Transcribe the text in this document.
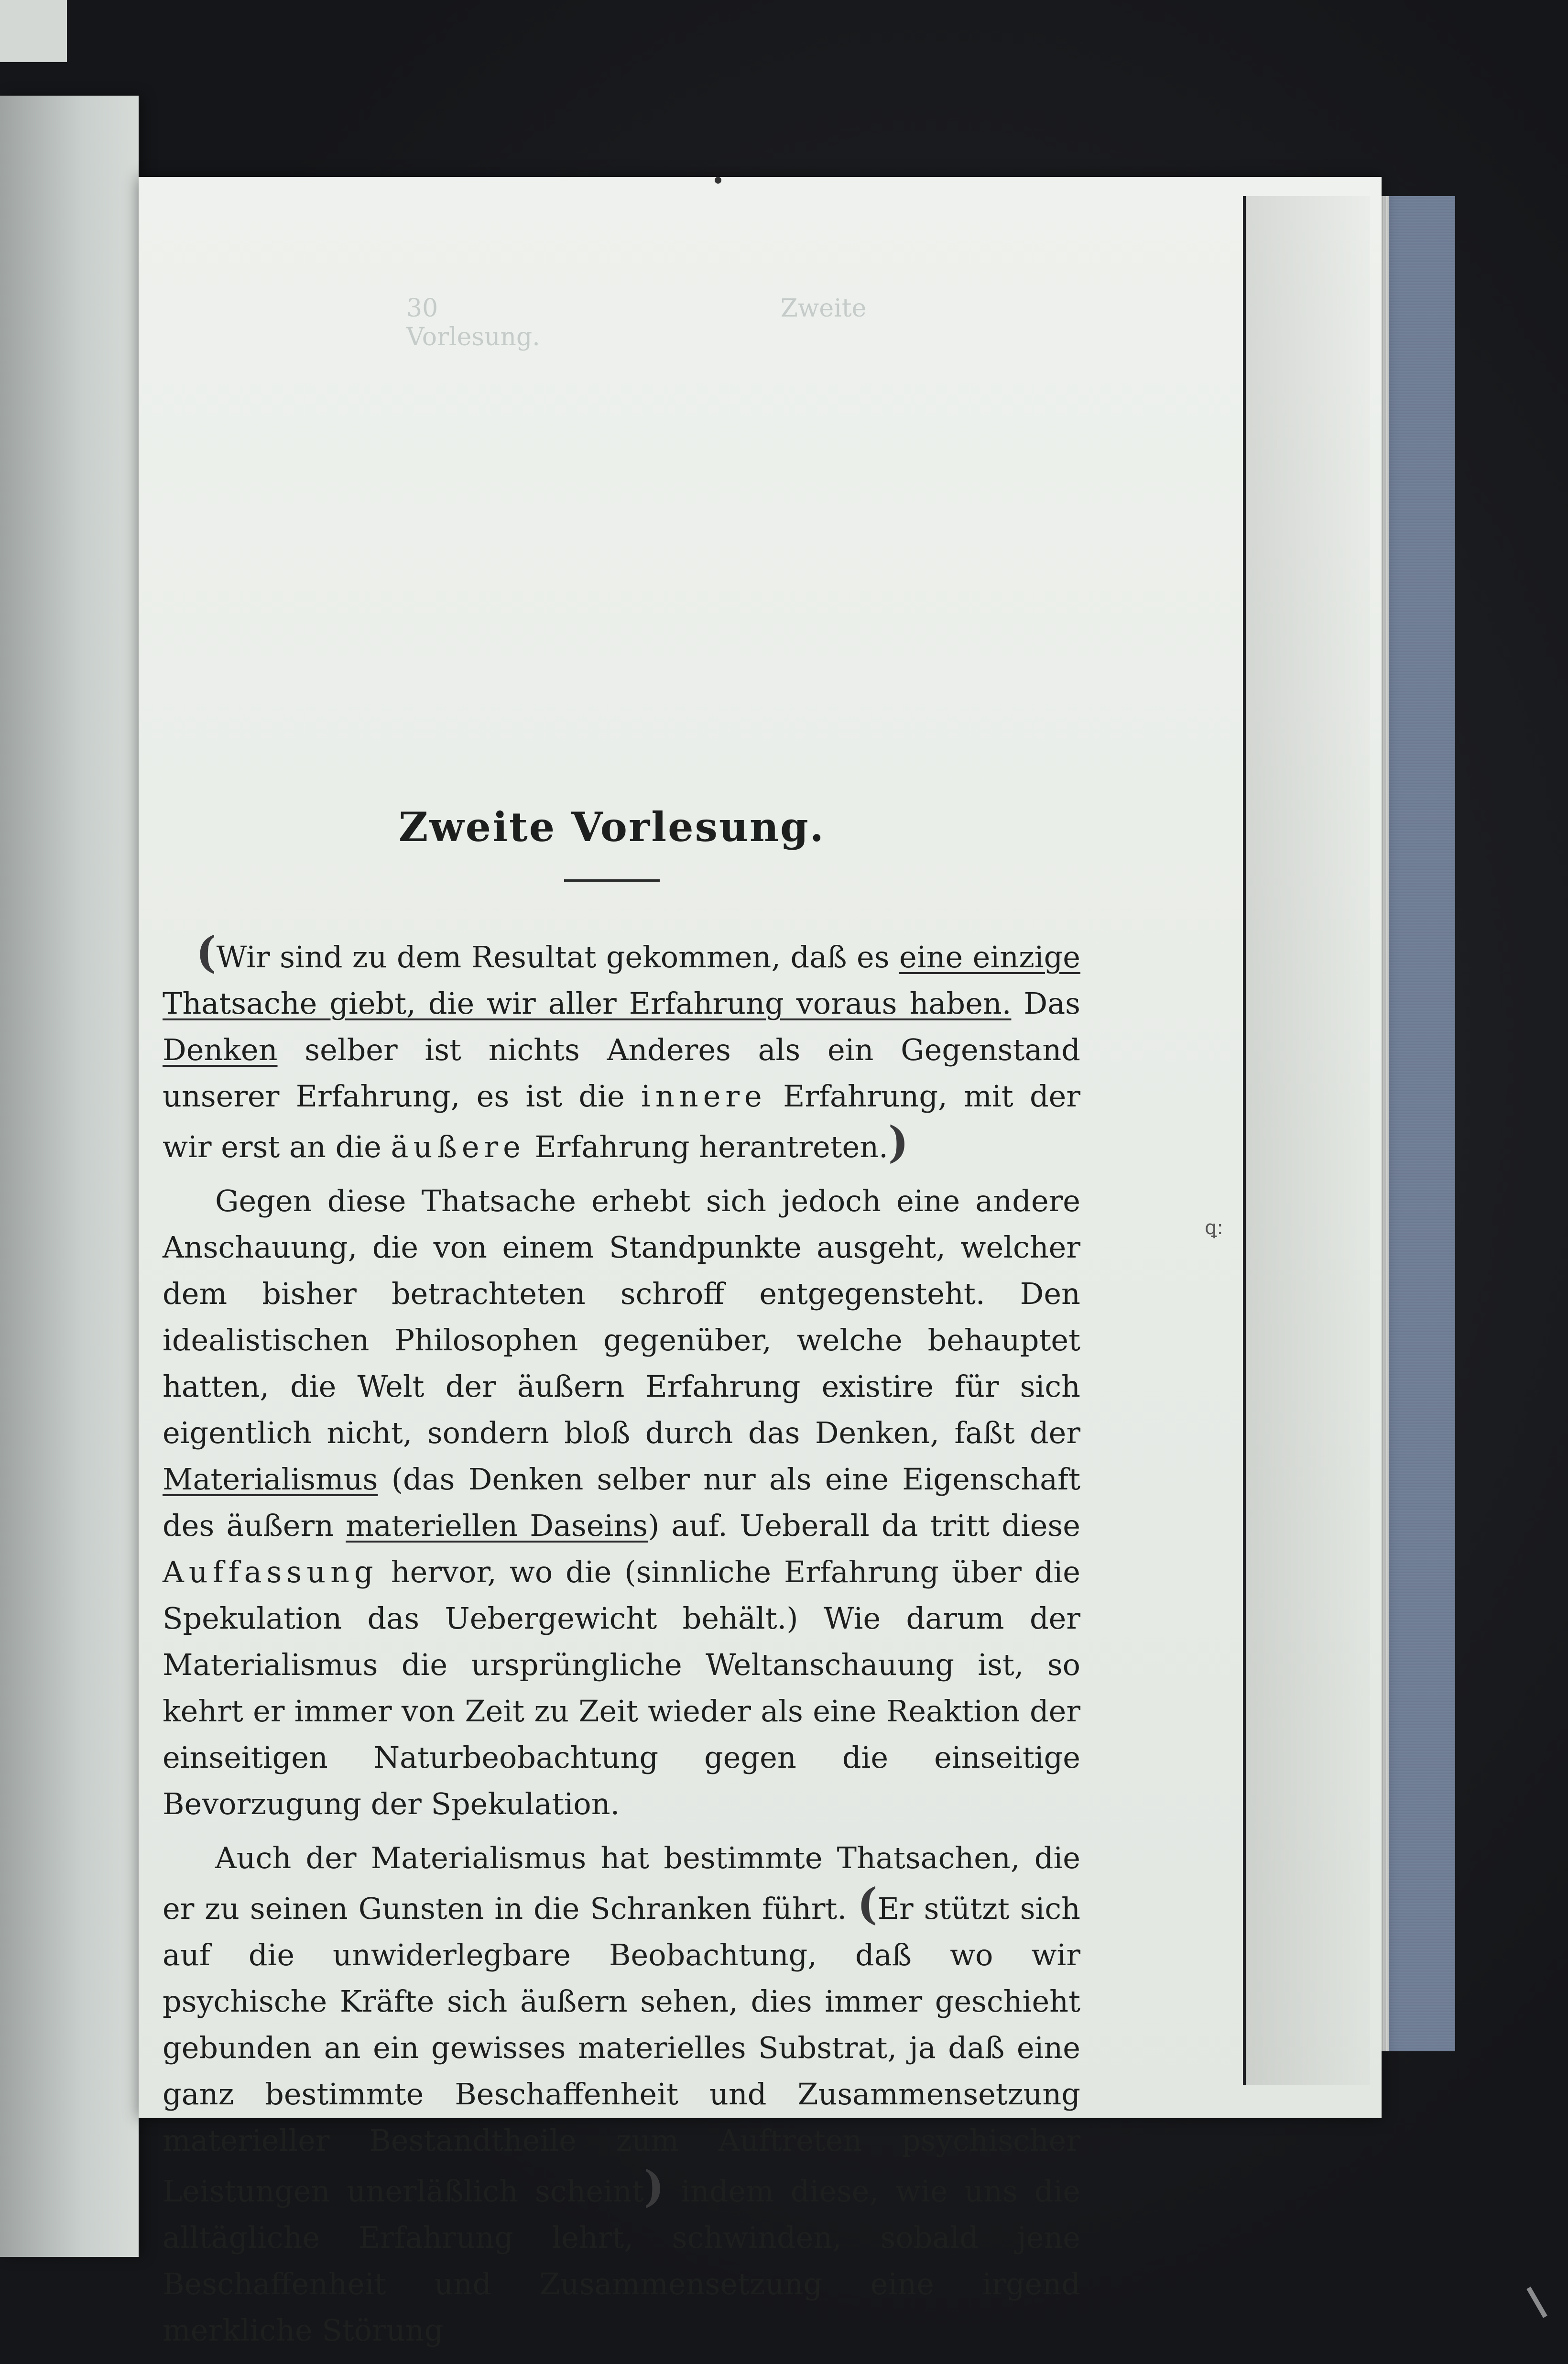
30	Zweite Vorlesung.
Zweite Vorlesung.

(Wir sind zu dem Resultat gekommen, daß es eine einzige Thatsache giebt, die wir aller Erfahrung voraus haben. Das Denken selber ist nichts Anderes als ein Gegenstand unserer Erfahrung, es ist die innere Erfahrung, mit der wir erst an die äußere Erfahrung herantreten.)

Gegen diese Thatsache erhebt sich jedoch eine andere Anschauung, die von einem Standpunkte ausgeht, welcher dem bisher betrachteten schroff entgegensteht. Den idealistischen Philosophen gegenüber, welche behauptet hatten, die Welt der äußern Erfahrung existire für sich eigentlich nicht, sondern bloß durch das Denken, faßt der Materialismus (das Denken selber nur als eine Eigenschaft des äußern materiellen Daseins) auf. Ueberall da tritt diese Auffassung hervor, wo die (sinnliche Erfahrung über die Spekulation das Uebergewicht behält.) Wie darum der Materialismus die ursprüngliche Weltanschauung ist, so kehrt er immer von Zeit zu Zeit wieder als eine Reaktion der einseitigen Naturbeobachtung gegen die einseitige Bevorzugung der Spekulation.

Auch der Materialismus hat bestimmte Thatsachen, die er zu seinen Gunsten in die Schranken führt. (Er stützt sich auf die unwiderlegbare Beobachtung, daß wo wir psychische Kräfte sich äußern sehen, dies immer geschieht gebunden an ein gewisses materielles Substrat, ja daß eine ganz bestimmte Beschaffenheit und Zusammensetzung materieller Bestandtheile zum Auftreten psychischer Leistungen unerläßlich scheint) indem diese, wie uns die alltägliche Erfahrung lehrt, schwinden, sobald jene Beschaffenheit und Zusammensetzung eine irgend merkliche Störung

ꝗ:
